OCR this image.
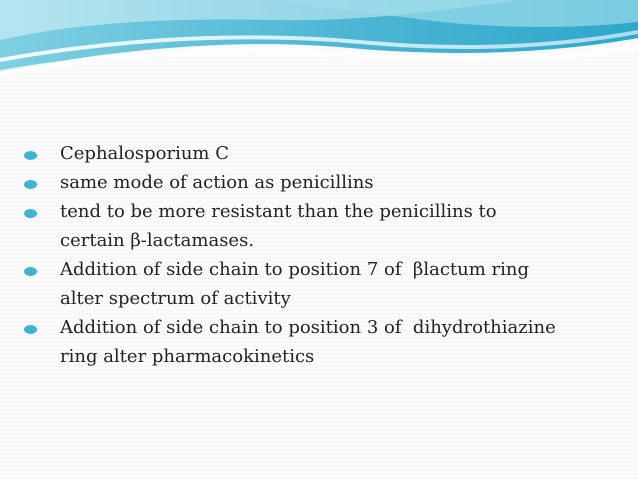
Cephalosporium C
same mode of action as penicillins
tend to be more resistant than the penicillins to
certain β-lactamases.
Addition of side chain to position 7 of  βlactum ring
alter spectrum of activity
Addition of side chain to position 3 of  dihydrothiazine
ring alter pharmacokinetics
